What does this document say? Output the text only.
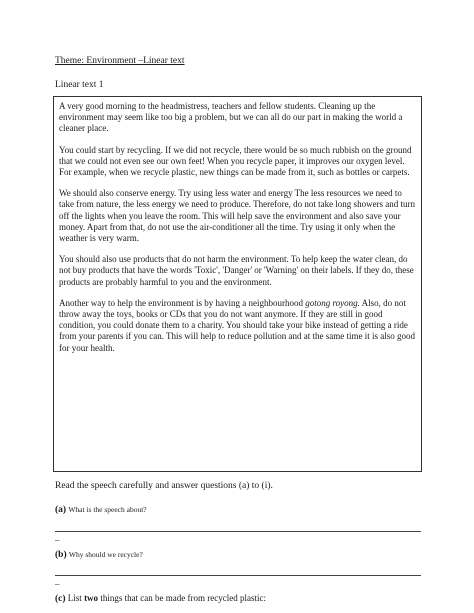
Theme: Environment –Linear text
Linear text 1

A very good morning to the headmistress, teachers and fellow students. Cleaning up the environment may seem like too big a problem, but we can all do our part in making the world a cleaner place.

You could start by recycling. If we did not recycle, there would be so much rubbish on the ground that we could not even see our own feet! When you recycle paper, it improves our oxygen level. For example, when we recycle plastic, new things can be made from it, such as bottles or carpets.

We should also conserve energy. Try using less water and energy The less resources we need to take from nature, the less energy we need to produce. Therefore, do not take long showers and turn off the lights when you leave the room. This will help save the environment and also save your money. Apart from that, do not use the air-conditioner all the time. Try using it only when the weather is very warm.

You should also use products that do not harm the environment. To help keep the water clean, do not buy products that have the words 'Toxic', 'Danger' or 'Warning' on their labels. If they do, these products are probably harmful to you and the environment.

Another way to help the environment is by having a neighbourhood gotong royong. Also, do not throw away the toys, books or CDs that you do not want anymore. If they are still in good condition, you could donate them to a charity. You should take your bike instead of getting a ride from your parents if you can. This will help to reduce pollution and at the same time it is also good for your health.

Read the speech carefully and answer questions (a) to (i).
(a) What is the speech about?
–
(b) Why should we recycle?
–
(c) List two things that can be made from recycled plastic:
